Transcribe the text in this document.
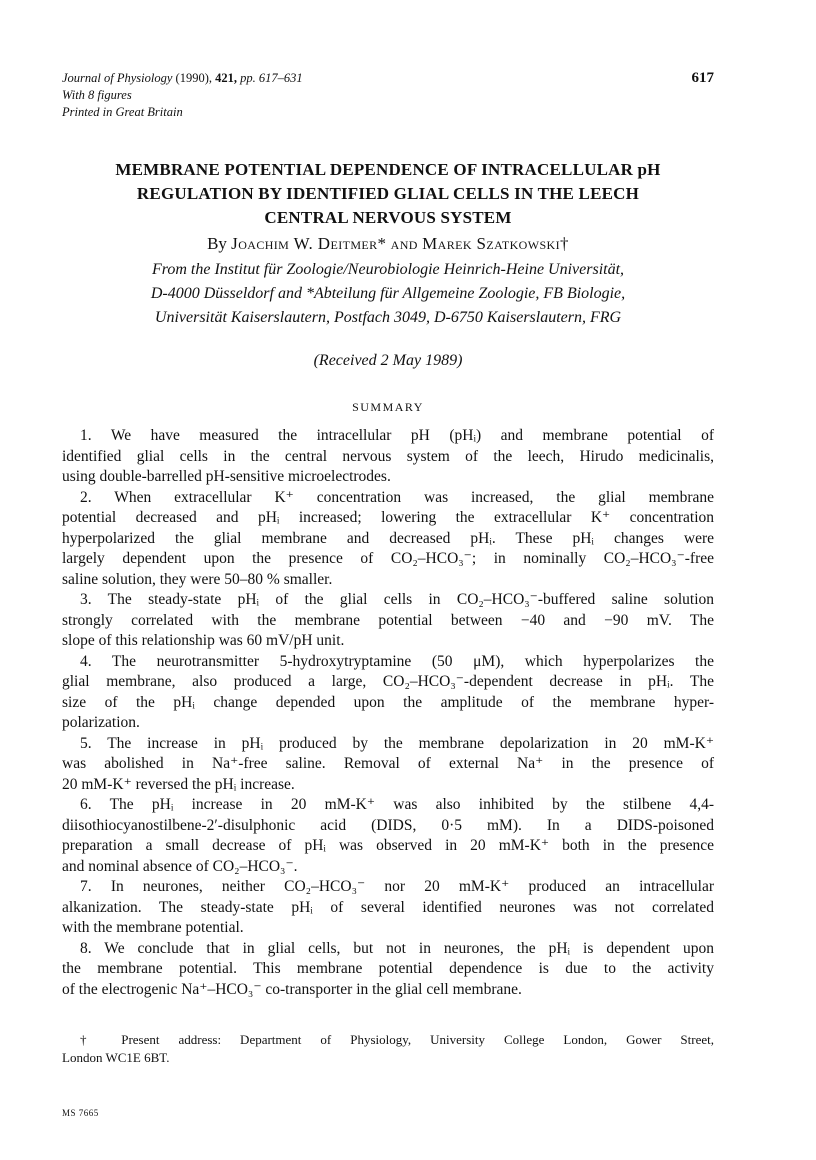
Journal of Physiology (1990), 421, pp. 617–631
With 8 figures
Printed in Great Britain
617
MEMBRANE POTENTIAL DEPENDENCE OF INTRACELLULAR pH
REGULATION BY IDENTIFIED GLIAL CELLS IN THE LEECH
CENTRAL NERVOUS SYSTEM
By Joachim W. Deitmer* and Marek Szatkowski†
From the Institut für Zoologie/Neurobiologie Heinrich-Heine Universität,
D-4000 Düsseldorf and *Abteilung für Allgemeine Zoologie, FB Biologie,
Universität Kaiserslautern, Postfach 3049, D-6750 Kaiserslautern, FRG
(Received 2 May 1989)
SUMMARY
1. We have measured the intracellular pH (pHᵢ) and membrane potential of
identified glial cells in the central nervous system of the leech, Hirudo medicinalis,
using double-barrelled pH-sensitive microelectrodes.
2. When extracellular K⁺ concentration was increased, the glial membrane
potential decreased and pHᵢ increased; lowering the extracellular K⁺ concentration
hyperpolarized the glial membrane and decreased pHᵢ. These pHᵢ changes were
largely dependent upon the presence of CO₂–HCO₃⁻; in nominally CO₂–HCO₃⁻-free
saline solution, they were 50–80 % smaller.
3. The steady-state pHᵢ of the glial cells in CO₂–HCO₃⁻-buffered saline solution
strongly correlated with the membrane potential between −40 and −90 mV. The
slope of this relationship was 60 mV/pH unit.
4. The neurotransmitter 5-hydroxytryptamine (50 μM), which hyperpolarizes the
glial membrane, also produced a large, CO₂–HCO₃⁻-dependent decrease in pHᵢ. The
size of the pHᵢ change depended upon the amplitude of the membrane hyper-
polarization.
5. The increase in pHᵢ produced by the membrane depolarization in 20 mM-K⁺
was abolished in Na⁺-free saline. Removal of external Na⁺ in the presence of
20 mM-K⁺ reversed the pHᵢ increase.
6. The pHᵢ increase in 20 mM-K⁺ was also inhibited by the stilbene 4,4-
diisothiocyanostilbene-2′-disulphonic acid (DIDS, 0·5 mM). In a DIDS-poisoned
preparation a small decrease of pHᵢ was observed in 20 mM-K⁺ both in the presence
and nominal absence of CO₂–HCO₃⁻.
7. In neurones, neither CO₂–HCO₃⁻ nor 20 mM-K⁺ produced an intracellular
alkanization. The steady-state pHᵢ of several identified neurones was not correlated
with the membrane potential.
8. We conclude that in glial cells, but not in neurones, the pHᵢ is dependent upon
the membrane potential. This membrane potential dependence is due to the activity
of the electrogenic Na⁺–HCO₃⁻ co-transporter in the glial cell membrane.
† Present address: Department of Physiology, University College London, Gower Street,
London WC1E 6BT.
MS 7665
